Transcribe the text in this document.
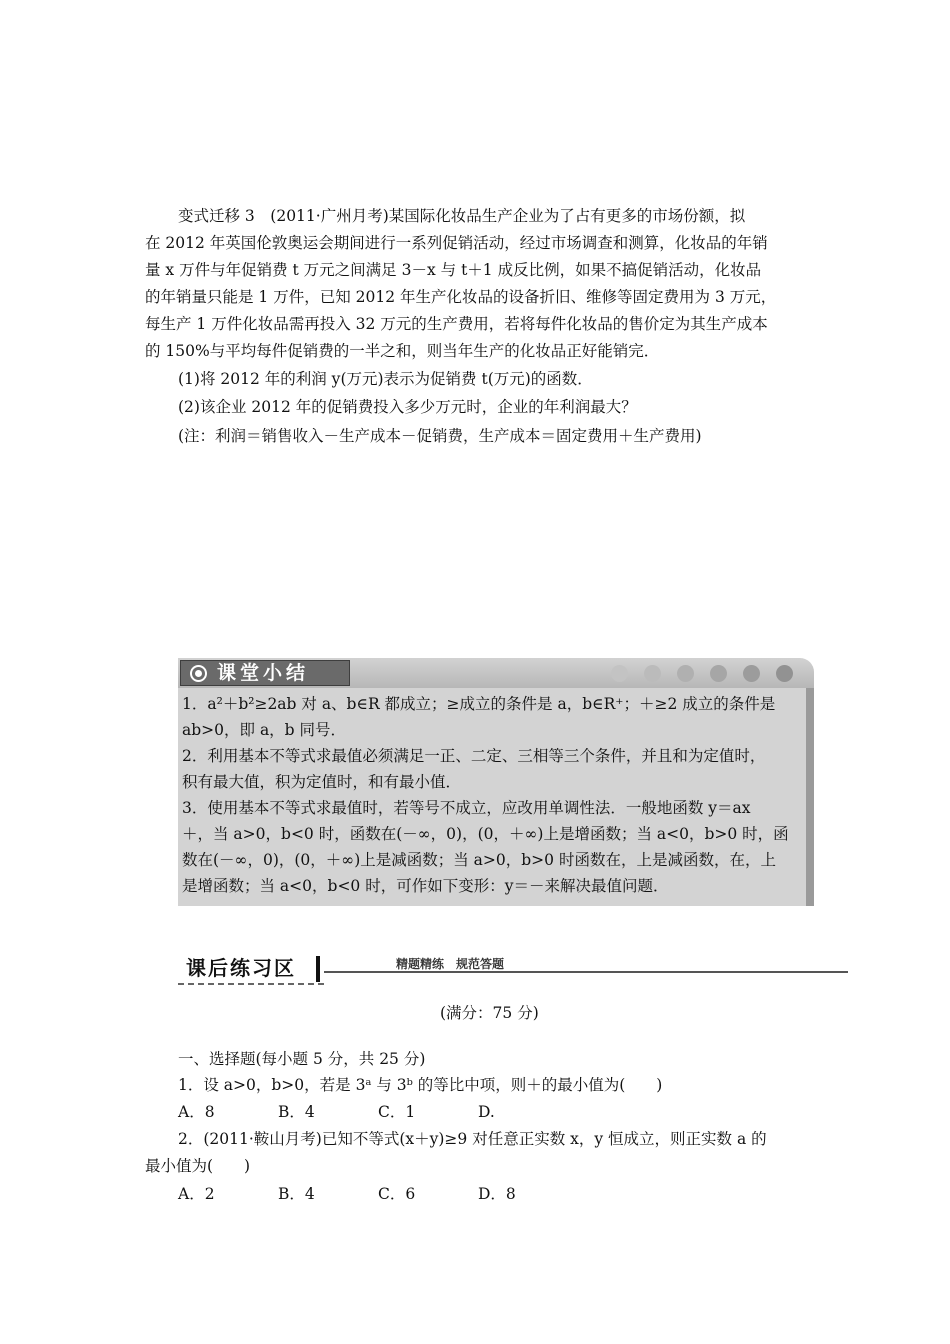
变式迁移 3　(2011·广州月考)某国际化妆品生产企业为了占有更多的市场份额，拟

在 2012 年英国伦敦奥运会期间进行一系列促销活动，经过市场调查和测算，化妆品的年销

量 x 万件与年促销费 t 万元之间满足 3－x 与 t＋1 成反比例，如果不搞促销活动，化妆品

的年销量只能是 1 万件，已知 2012 年生产化妆品的设备折旧、维修等固定费用为 3 万元，

每生产 1 万件化妆品需再投入 32 万元的生产费用，若将每件化妆品的售价定为其生产成本

的 150%与平均每件促销费的一半之和，则当年生产的化妆品正好能销完．

(1)将 2012 年的利润 y(万元)表示为促销费 t(万元)的函数．

(2)该企业 2012 年的促销费投入多少万元时，企业的年利润最大？

(注：利润＝销售收入－生产成本－促销费，生产成本＝固定费用＋生产费用)

课堂小结

1．a²＋b²≥2ab 对 a、b∈R 都成立；≥成立的条件是 a，b∈R⁺；＋≥2 成立的条件是

ab>0，即 a，b 同号．

2．利用基本不等式求最值必须满足一正、二定、三相等三个条件，并且和为定值时，

积有最大值，积为定值时，和有最小值．

3．使用基本不等式求最值时，若等号不成立，应改用单调性法．一般地函数 y＝ax

＋，当 a>0，b<0 时，函数在(－∞，0)，(0，＋∞)上是增函数；当 a<0，b>0 时，函

数在(－∞，0)，(0，＋∞)上是减函数；当 a>0，b>0 时函数在，上是减函数，在，上

是增函数；当 a<0，b<0 时，可作如下变形：y＝－来解决最值问题．

课后练习区	精题精练　规范答题

(满分：75 分)

一、选择题(每小题 5 分，共 25 分)

1．设 a>0，b>0，若是 3ᵃ 与 3ᵇ 的等比中项，则＋的最小值为(　　)

A．8	B．4	C．1	D.

2．(2011·鞍山月考)已知不等式(x＋y)≥9 对任意正实数 x，y 恒成立，则正实数 a 的

最小值为(　　)

A．2	B．4	C．6	D．8
